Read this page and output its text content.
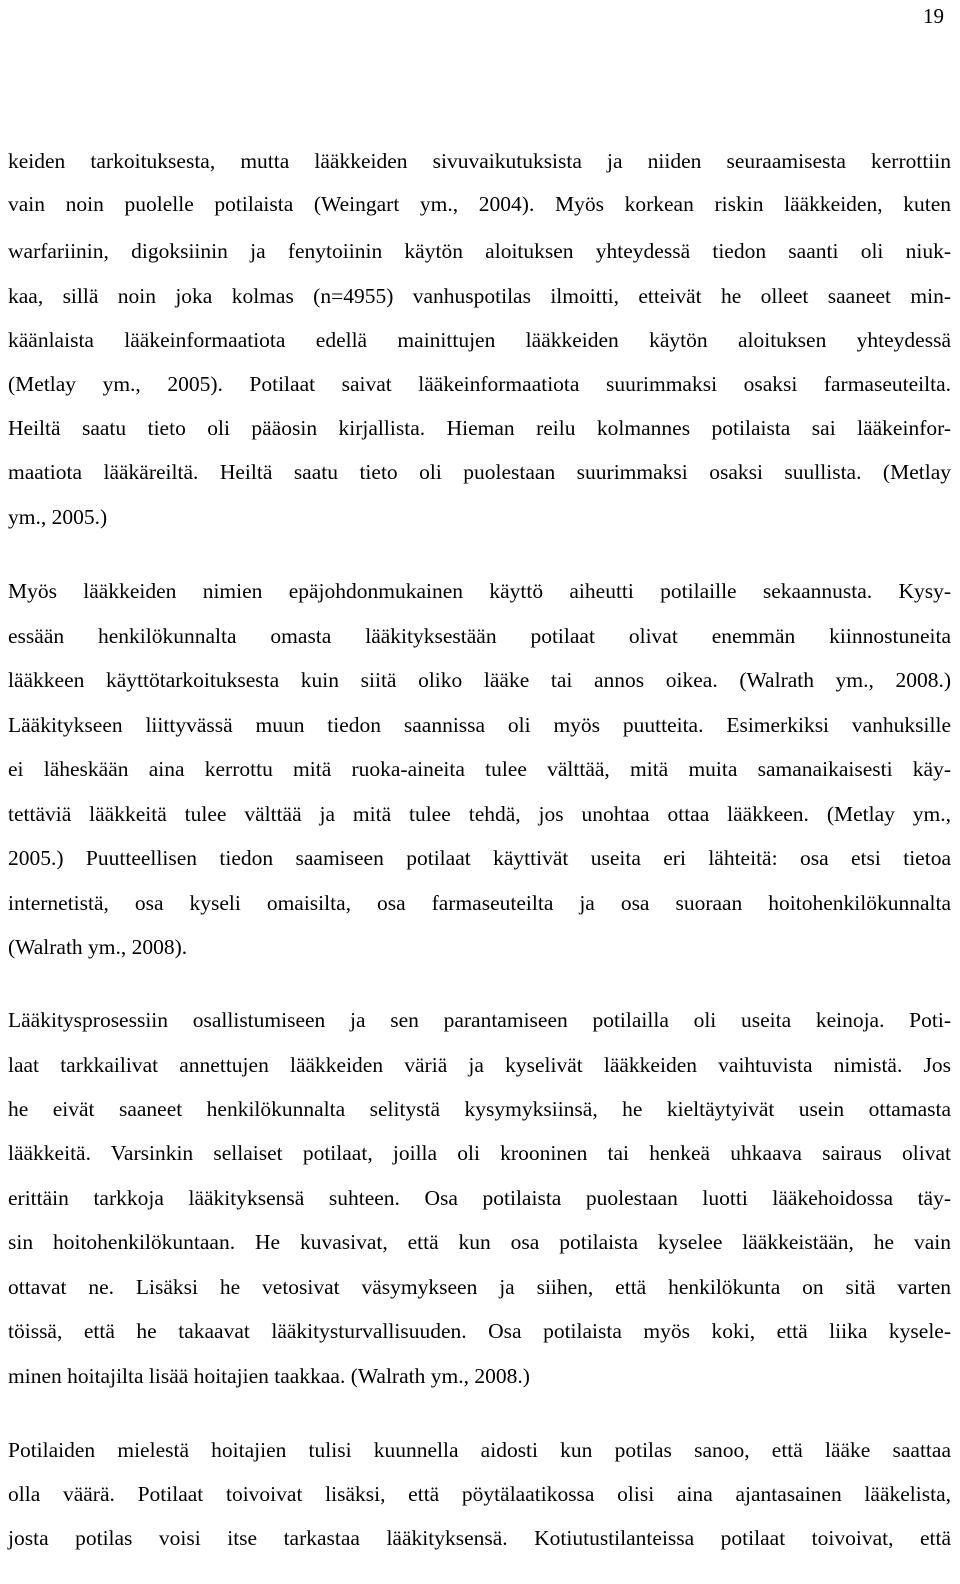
19
keiden tarkoituksesta, mutta lääkkeiden sivuvaikutuksista ja niiden seuraamisesta kerrottiin
vain noin puolelle potilaista (Weingart ym., 2004). Myös korkean riskin lääkkeiden, kuten
warfariinin, digoksiinin ja fenytoiinin käytön aloituksen yhteydessä tiedon saanti oli niuk-
kaa, sillä noin joka kolmas (n=4955) vanhuspotilas ilmoitti, etteivät he olleet saaneet min-
käänlaista lääkeinformaatiota edellä mainittujen lääkkeiden käytön aloituksen yhteydessä
(Metlay ym., 2005). Potilaat saivat lääkeinformaatiota suurimmaksi osaksi farmaseuteilta.
Heiltä saatu tieto oli pääosin kirjallista. Hieman reilu kolmannes potilaista sai lääkeinfor-
maatiota lääkäreiltä. Heiltä saatu tieto oli puolestaan suurimmaksi osaksi suullista. (Metlay
ym., 2005.)
Myös lääkkeiden nimien epäjohdonmukainen käyttö aiheutti potilaille sekaannusta. Kysy-
essään henkilökunnalta omasta lääkityksestään potilaat olivat enemmän kiinnostuneita
lääkkeen käyttötarkoituksesta kuin siitä oliko lääke tai annos oikea. (Walrath ym., 2008.)
Lääkitykseen liittyvässä muun tiedon saannissa oli myös puutteita. Esimerkiksi vanhuksille
ei läheskään aina kerrottu mitä ruoka-aineita tulee välttää, mitä muita samanaikaisesti käy-
tettäviä lääkkeitä tulee välttää ja mitä tulee tehdä, jos unohtaa ottaa lääkkeen. (Metlay ym.,
2005.) Puutteellisen tiedon saamiseen potilaat käyttivät useita eri lähteitä: osa etsi tietoa
internetistä, osa kyseli omaisilta, osa farmaseuteilta ja osa suoraan hoitohenkilökunnalta
(Walrath ym., 2008).
Lääkitysprosessiin osallistumiseen ja sen parantamiseen potilailla oli useita keinoja. Poti-
laat tarkkailivat annettujen lääkkeiden väriä ja kyselivät lääkkeiden vaihtuvista nimistä. Jos
he eivät saaneet henkilökunnalta selitystä kysymyksiinsä, he kieltäytyivät usein ottamasta
lääkkeitä. Varsinkin sellaiset potilaat, joilla oli krooninen tai henkeä uhkaava sairaus olivat
erittäin tarkkoja lääkityksensä suhteen. Osa potilaista puolestaan luotti lääkehoidossa täy-
sin hoitohenkilökuntaan. He kuvasivat, että kun osa potilaista kyselee lääkkeistään, he vain
ottavat ne. Lisäksi he vetosivat väsymykseen ja siihen, että henkilökunta on sitä varten
töissä, että he takaavat lääkitysturvallisuuden. Osa potilaista myös koki, että liika kysele-
minen hoitajilta lisää hoitajien taakkaa. (Walrath ym., 2008.)
Potilaiden mielestä hoitajien tulisi kuunnella aidosti kun potilas sanoo, että lääke saattaa
olla väärä. Potilaat toivoivat lisäksi, että pöytälaatikossa olisi aina ajantasainen lääkelista,
josta potilas voisi itse tarkastaa lääkityksensä. Kotiutustilanteissa potilaat toivoivat, että
